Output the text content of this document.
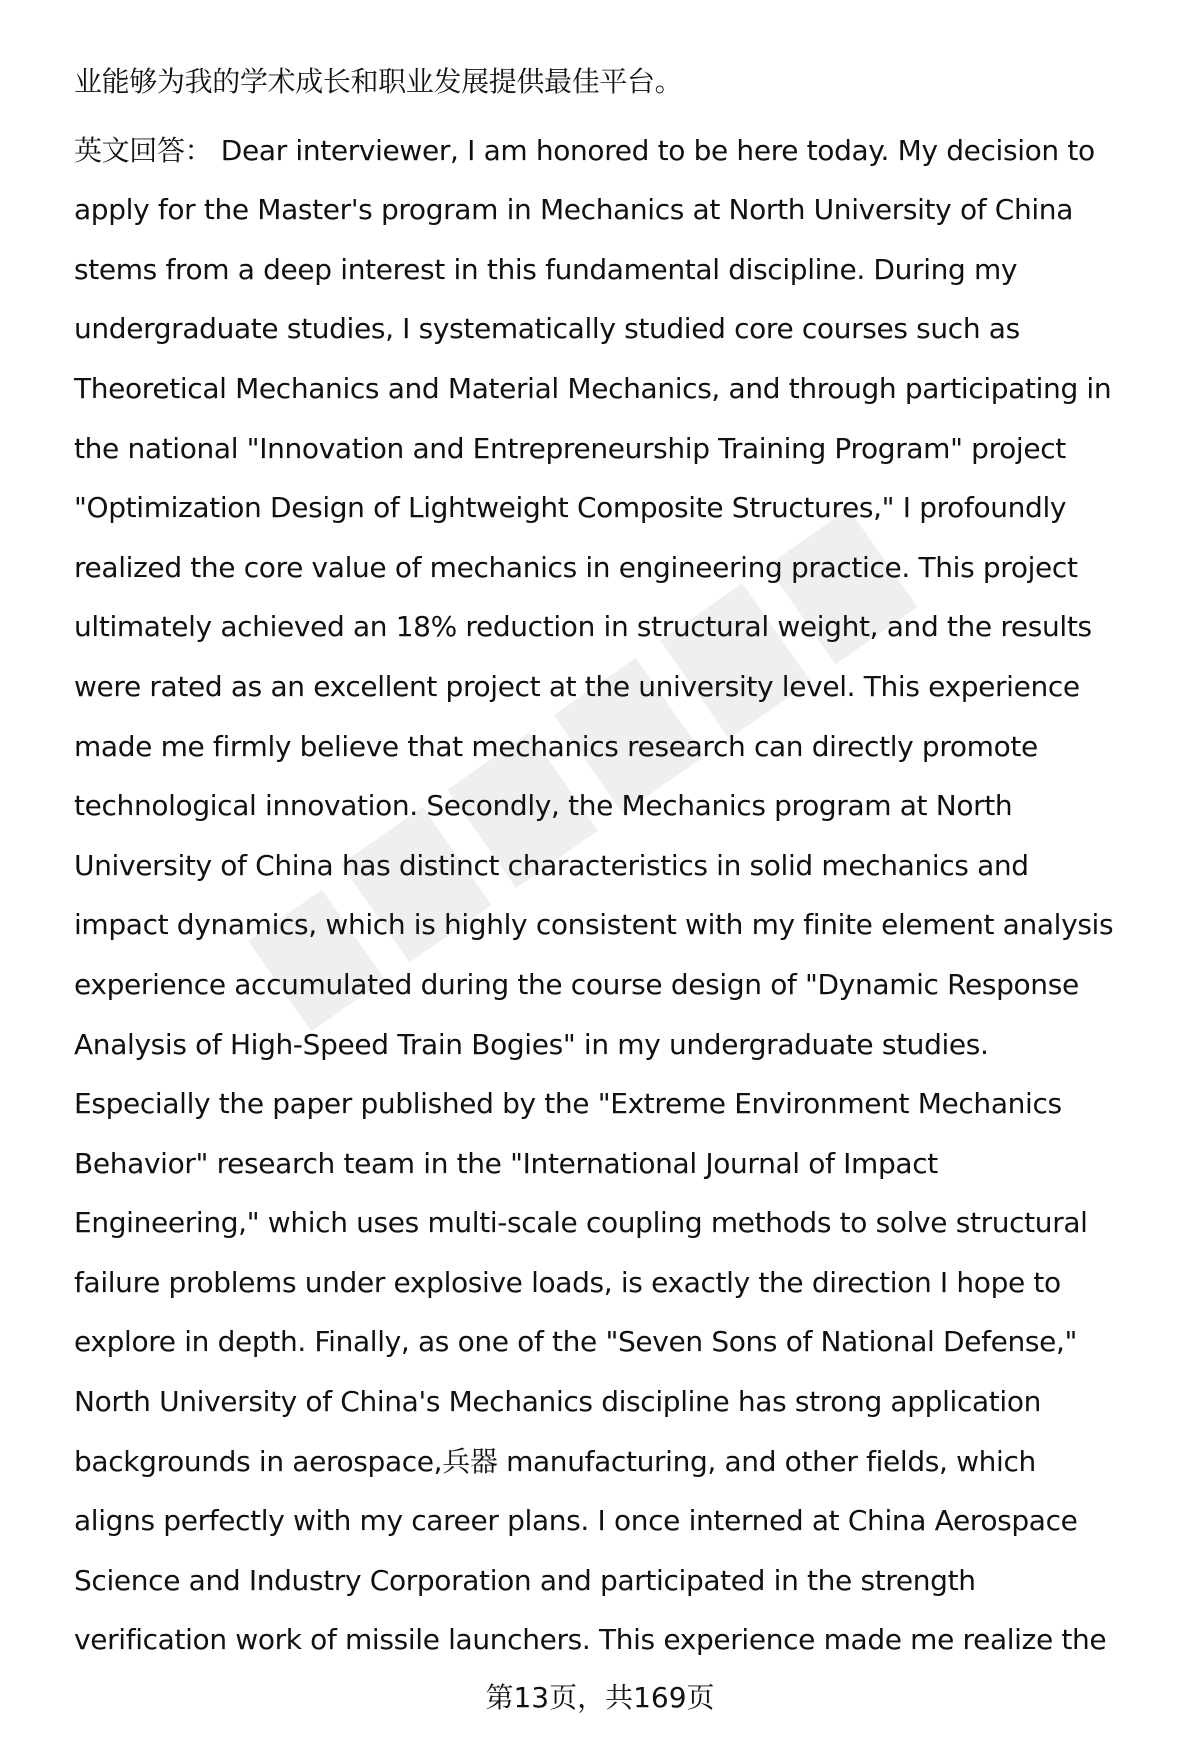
业能够为我的学术成长和职业发展提供最佳平台。
英文回答： Dear interviewer, I am honored to be here today. My decision to
apply for the Master's program in Mechanics at North University of China
stems from a deep interest in this fundamental discipline. During my
undergraduate studies, I systematically studied core courses such as
Theoretical Mechanics and Material Mechanics, and through participating in
the national "Innovation and Entrepreneurship Training Program" project
"Optimization Design of Lightweight Composite Structures," I profoundly
realized the core value of mechanics in engineering practice. This project
ultimately achieved an 18% reduction in structural weight, and the results
were rated as an excellent project at the university level. This experience
made me firmly believe that mechanics research can directly promote
technological innovation. Secondly, the Mechanics program at North
University of China has distinct characteristics in solid mechanics and
impact dynamics, which is highly consistent with my finite element analysis
experience accumulated during the course design of "Dynamic Response
Analysis of High-Speed Train Bogies" in my undergraduate studies.
Especially the paper published by the "Extreme Environment Mechanics
Behavior" research team in the "International Journal of Impact
Engineering," which uses multi-scale coupling methods to solve structural
failure problems under explosive loads, is exactly the direction I hope to
explore in depth. Finally, as one of the "Seven Sons of National Defense,"
North University of China's Mechanics discipline has strong application
backgrounds in aerospace,兵器 manufacturing, and other fields, which
aligns perfectly with my career plans. I once interned at China Aerospace
Science and Industry Corporation and participated in the strength
verification work of missile launchers. This experience made me realize the
第13页，共169页
